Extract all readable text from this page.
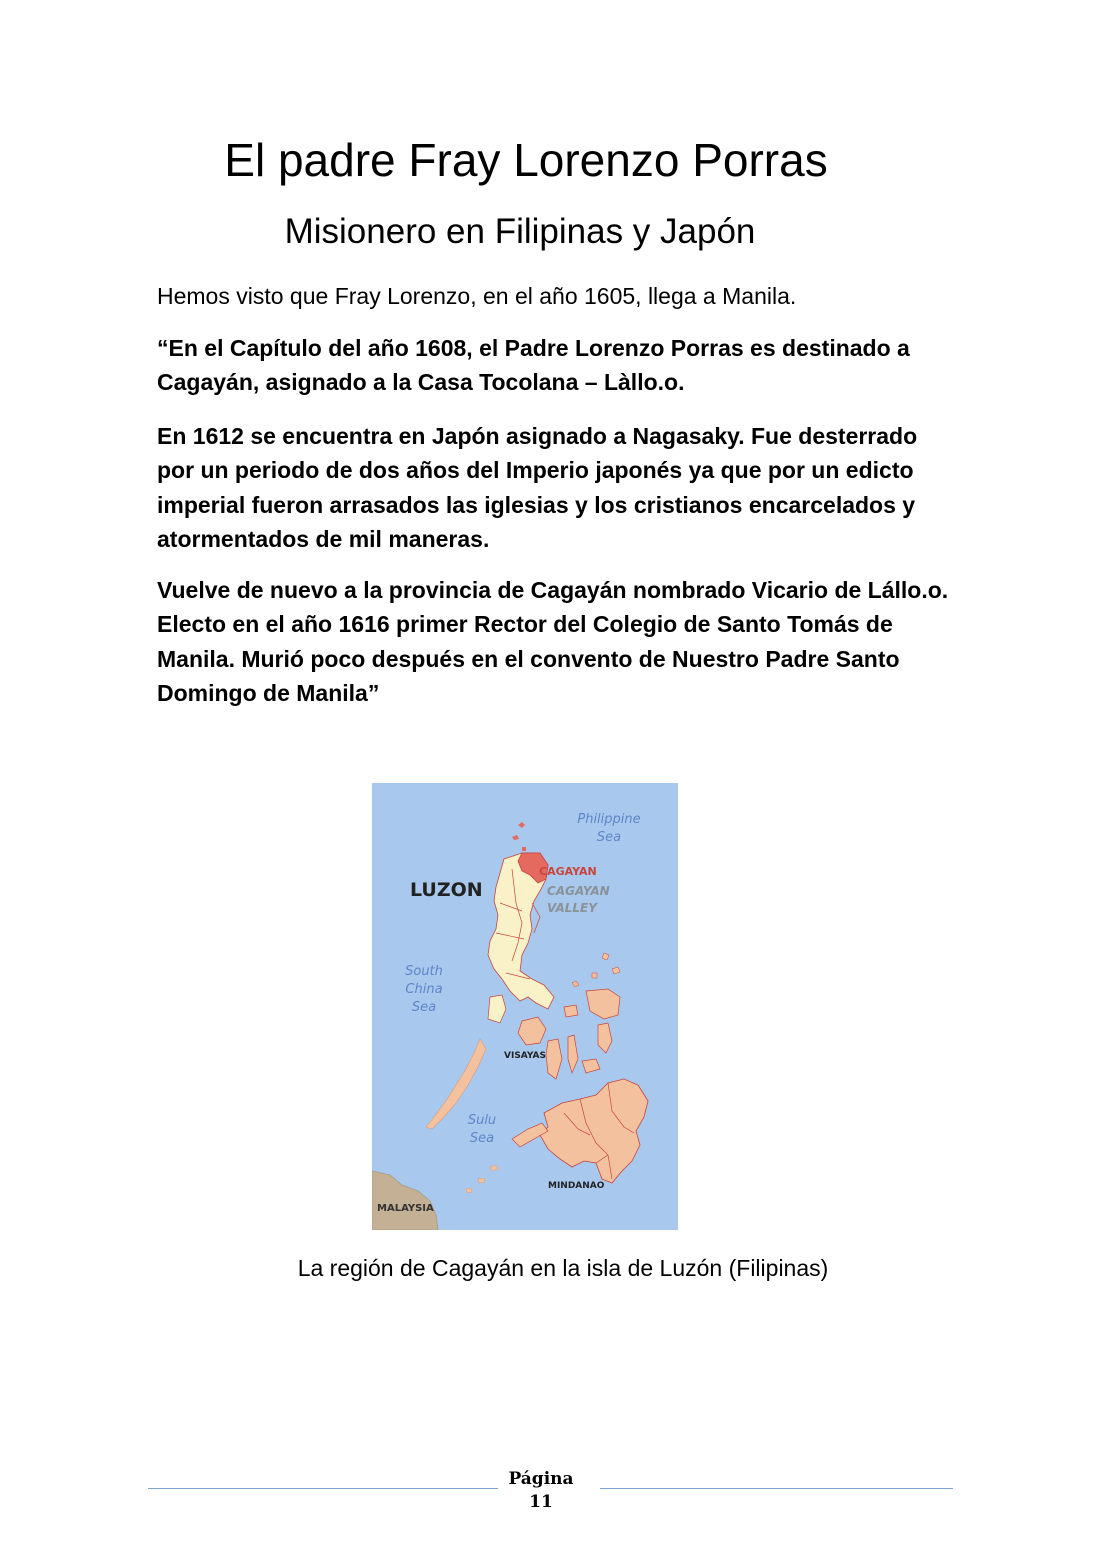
El padre Fray Lorenzo Porras
Misionero en Filipinas y Japón
Hemos visto que Fray Lorenzo, en el año 1605, llega a Manila.
“En el Capítulo del año 1608, el Padre Lorenzo Porras es destinado a Cagayán, asignado a la Casa Tocolana – Làllo.o.
En 1612 se encuentra en Japón asignado a Nagasaky. Fue desterrado por un periodo de dos años del Imperio japonés ya que por un edicto imperial fueron arrasados las iglesias y los cristianos encarcelados y atormentados de mil maneras.
Vuelve de nuevo a la provincia de Cagayán nombrado Vicario de Lállo.o. Electo en el año 1616 primer Rector del Colegio de Santo Tomás de Manila. Murió poco después en el convento de Nuestro Padre Santo Domingo de Manila”
Philippine
Sea
South
China
Sea
Sulu
Sea
LUZON
CAGAYAN
CAGAYAN
VALLEY
VISAYAS
MINDANAO
MALAYSIA
La región de Cagayán en la isla de Luzón (Filipinas)
Página
11
